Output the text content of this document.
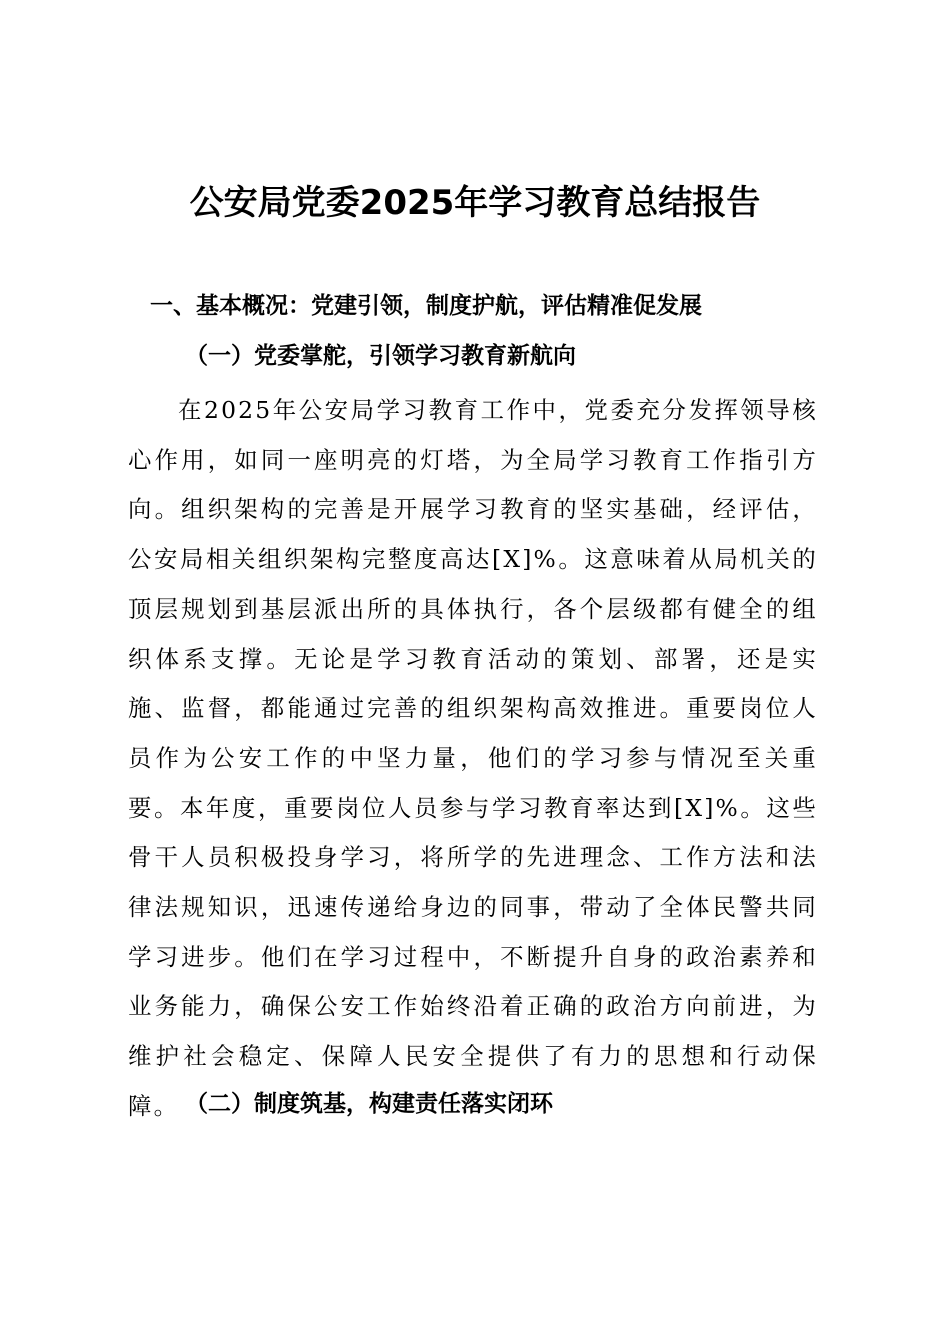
公安局党委2025年学习教育总结报告
一、基本概况：党建引领，制度护航，评估精准促发展
（一）党委掌舵，引领学习教育新航向

在2025年公安局学习教育工作中，党委充分发挥领导核心作用，如同一座明亮的灯塔，为全局学习教育工作指引方向。组织架构的完善是开展学习教育的坚实基础，经评估，公安局相关组织架构完整度高达[X]%。这意味着从局机关的顶层规划到基层派出所的具体执行，各个层级都有健全的组织体系支撑。无论是学习教育活动的策划、部署，还是实施、监督，都能通过完善的组织架构高效推进。重要岗位人员作为公安工作的中坚力量，他们的学习参与情况至关重要。本年度，重要岗位人员参与学习教育率达到[X]%。这些骨干人员积极投身学习，将所学的先进理念、工作方法和法律法规知识，迅速传递给身边的同事，带动了全体民警共同学习进步。他们在学习过程中，不断提升自身的政治素养和业务能力，确保公安工作始终沿着正确的政治方向前进，为维护社会稳定、保障人民安全提供了有力的思想和行动保障。 （二）制度筑基，构建责任落实闭环
